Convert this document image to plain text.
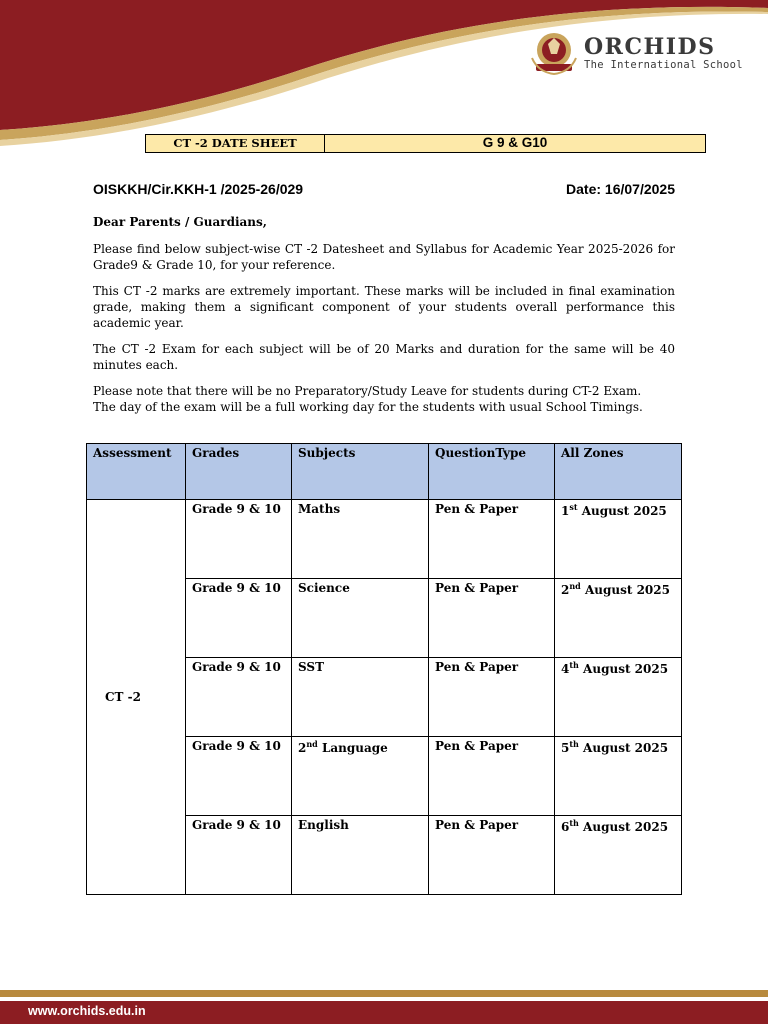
ORCHIDS
The International School
CT -2 DATE SHEET	G 9 & G10
OISKKH/Cir.KKH-1 /2025-26/029	Date: 16/07/2025

Dear Parents / Guardians,

Please find below subject-wise CT -2 Datesheet and Syllabus for Academic Year 2025-2026 for Grade9 & Grade 10, for your reference.

This CT -2 marks are extremely important. These marks will be included in final examination grade, making them a significant component of your students overall performance this academic year.

The CT -2 Exam for each subject will be of 20 Marks and duration for the same will be 40 minutes each.

Please note that there will be no Preparatory/Study Leave for students during CT-2 Exam.

The day of the exam will be a full working day for the students with usual School Timings.

Assessment	Grades	Subjects	QuestionType	All Zones
CT -2	Grade 9 & 10	Maths	Pen & Paper	1st August 2025
	Grade 9 & 10	Science	Pen & Paper	2nd August 2025
	Grade 9 & 10	SST	Pen & Paper	4th August 2025
	Grade 9 & 10	2nd Language	Pen & Paper	5th August 2025
	Grade 9 & 10	English	Pen & Paper	6th August 2025
www.orchids.edu.in
